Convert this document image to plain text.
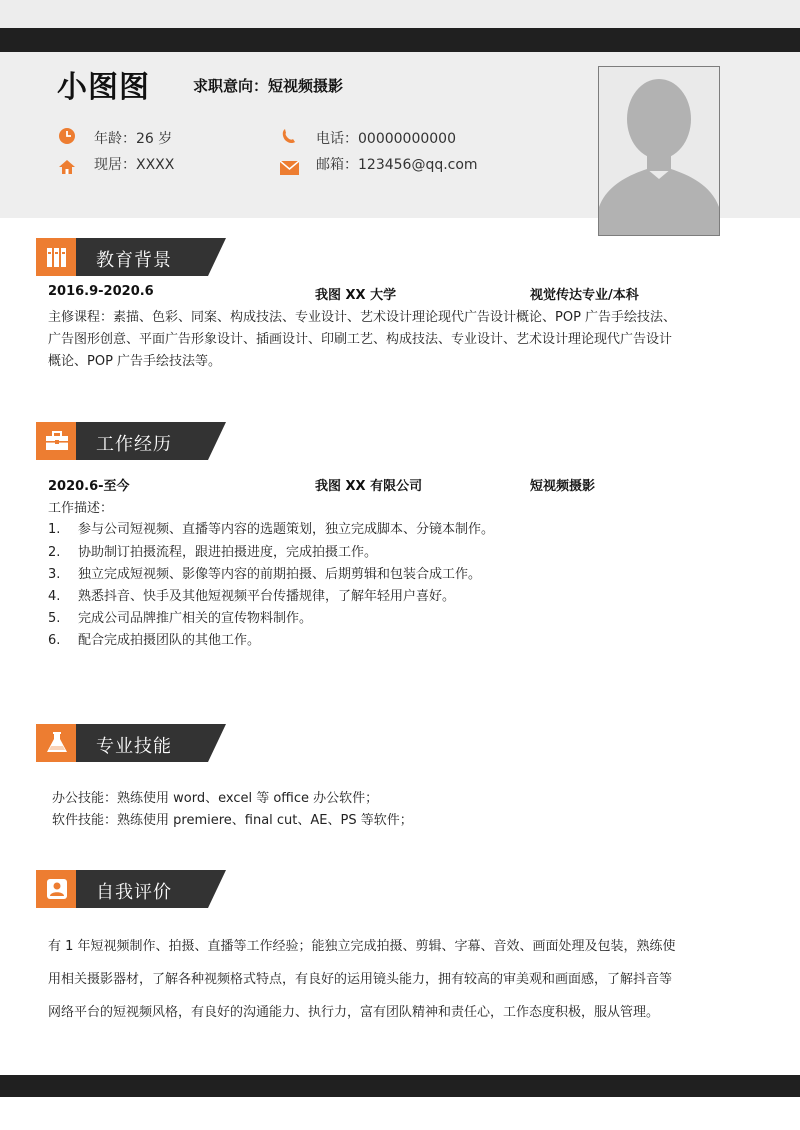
小图图	求职意向：短视频摄影
年龄：26 岁	电话：00000000000
现居：XXXX	邮箱：123456@qq.com
教育背景
2016.9-2020.6	我图 XX 大学	视觉传达专业/本科
主修课程：素描、色彩、同案、构成技法、专业设计、艺术设计理论现代广告设计概论、POP 广告手绘技法、
广告图形创意、平面广告形象设计、插画设计、印刷工艺、构成技法、专业设计、艺术设计理论现代广告设计
概论、POP 广告手绘技法等。
工作经历
2020.6-至今	我图 XX 有限公司	短视频摄影
工作描述：
1. 参与公司短视频、直播等内容的选题策划，独立完成脚本、分镜本制作。
2. 协助制订拍摄流程，跟进拍摄进度，完成拍摄工作。
3. 独立完成短视频、影像等内容的前期拍摄、后期剪辑和包装合成工作。
4. 熟悉抖音、快手及其他短视频平台传播规律，了解年轻用户喜好。
5. 完成公司品牌推广相关的宣传物料制作。
6. 配合完成拍摄团队的其他工作。
专业技能
办公技能：熟练使用 word、excel 等 office 办公软件；
软件技能：熟练使用 premiere、final cut、AE、PS 等软件；
自我评价
有 1 年短视频制作、拍摄、直播等工作经验；能独立完成拍摄、剪辑、字幕、音效、画面处理及包装，熟练使
用相关摄影器材，了解各种视频格式特点，有良好的运用镜头能力，拥有较高的审美观和画面感，了解抖音等
网络平台的短视频风格，有良好的沟通能力、执行力，富有团队精神和责任心，工作态度积极，服从管理。
